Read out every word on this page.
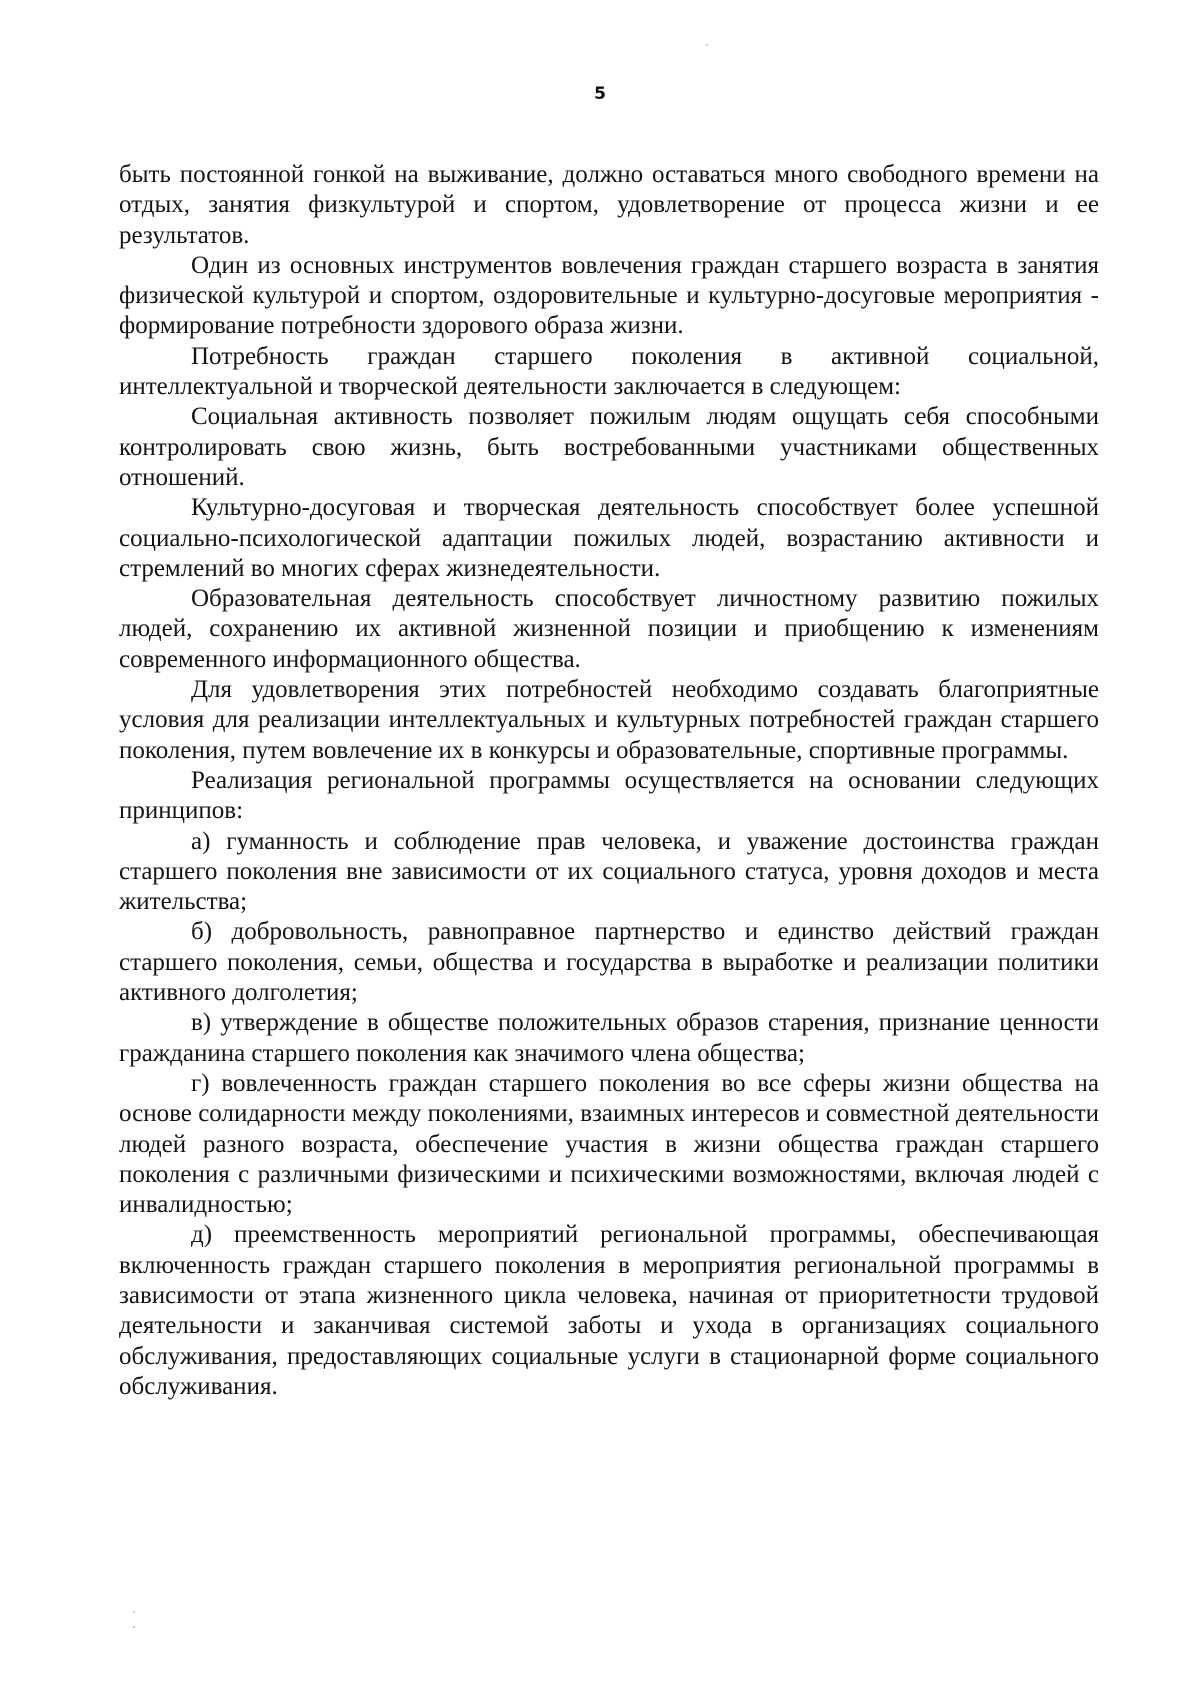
5

быть постоянной гонкой на выживание, должно оставаться много свободного времени на отдых, занятия физкультурой и спортом, удовлетворение от процесса жизни и ее результатов.

Один из основных инструментов вовлечения граждан старшего возраста в занятия физической культурой и спортом, оздоровительные и культурно-досуговые мероприятия - формирование потребности здорового образа жизни.

Потребность граждан старшего поколения в активной социальной, интеллектуальной и творческой деятельности заключается в следующем:

Социальная активность позволяет пожилым людям ощущать себя способными контролировать свою жизнь, быть востребованными участниками общественных отношений.

Культурно-досуговая и творческая деятельность способствует более успешной социально-психологической адаптации пожилых людей, возрастанию активности и стремлений во многих сферах жизнедеятельности.

Образовательная деятельность способствует личностному развитию пожилых людей, сохранению их активной жизненной позиции и приобщению к изменениям современного информационного общества.

Для удовлетворения этих потребностей необходимо создавать благоприятные условия для реализации интеллектуальных и культурных потребностей граждан старшего поколения, путем вовлечение их в конкурсы и образовательные, спортивные программы.

Реализация региональной программы осуществляется на основании следующих принципов:

а) гуманность и соблюдение прав человека, и уважение достоинства граждан старшего поколения вне зависимости от их социального статуса, уровня доходов и места жительства;

б) добровольность, равноправное партнерство и единство действий граждан старшего поколения, семьи, общества и государства в выработке и реализации политики активного долголетия;

в) утверждение в обществе положительных образов старения, признание ценности гражданина старшего поколения как значимого члена общества;

г) вовлеченность граждан старшего поколения во все сферы жизни общества на основе солидарности между поколениями, взаимных интересов и совместной деятельности людей разного возраста, обеспечение участия в жизни общества граждан старшего поколения с различными физическими и психическими возможностями, включая людей с инвалидностью;

д) преемственность мероприятий региональной программы, обеспечивающая включенность граждан старшего поколения в мероприятия региональной программы в зависимости от этапа жизненного цикла человека, начиная от приоритетности трудовой деятельности и заканчивая системой заботы и ухода в организациях социального обслуживания, предоставляющих социальные услуги в стационарной форме социального обслуживания.
